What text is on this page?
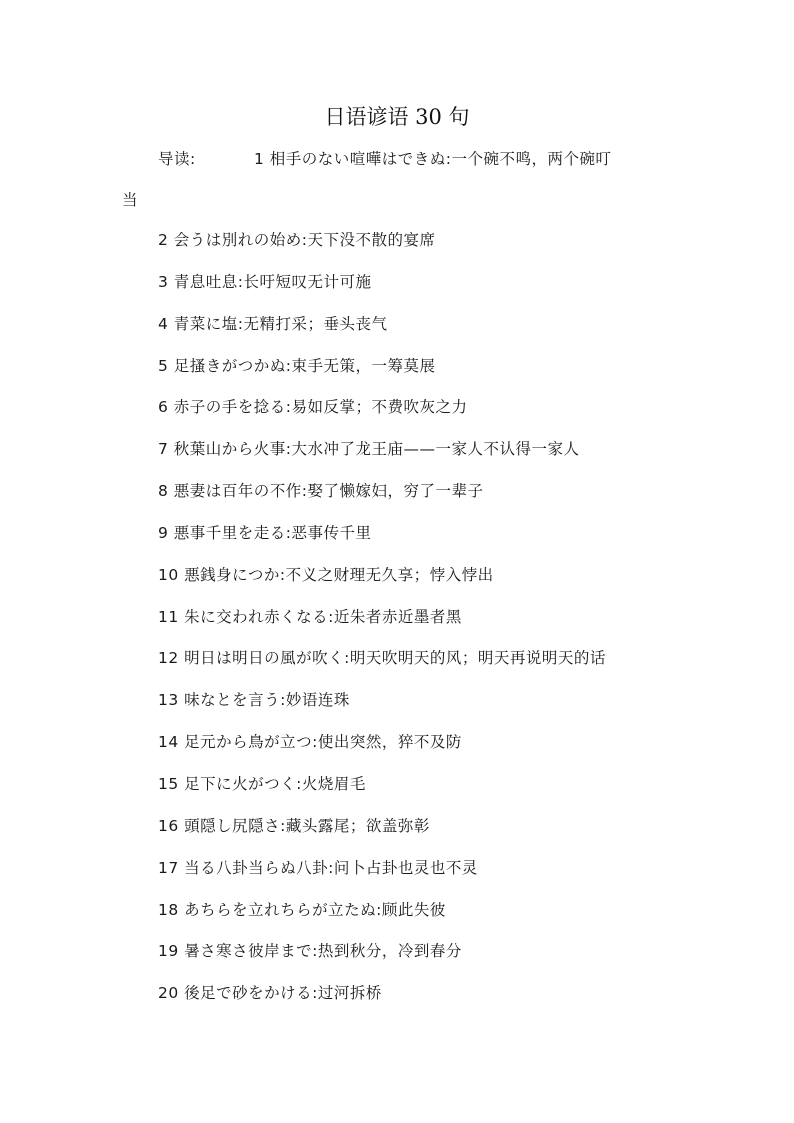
日语谚语 30 句
导读:	1 相手のない喧嘩はできぬ:一个碗不鸣，两个碗叮
当
2 会うは別れの始め:天下没不散的宴席
3 青息吐息:长吁短叹无计可施
4 青菜に塩:无精打采；垂头丧气
5 足搔きがつかぬ:束手无策，一筹莫展
6 赤子の手を捻る:易如反掌；不费吹灰之力
7 秋葉山から火事:大水冲了龙王庙——一家人不认得一家人
8 悪妻は百年の不作:娶了懒嫁妇，穷了一辈子
9 悪事千里を走る:恶事传千里
10 悪銭身につか:不义之财理无久享；悖入悖出
11 朱に交われ赤くなる:近朱者赤近墨者黑
12 明日は明日の風が吹く:明天吹明天的风；明天再说明天的话
13 味なとを言う:妙语连珠
14 足元から鳥が立つ:使出突然，猝不及防
15 足下に火がつく:火烧眉毛
16 頭隠し尻隠さ:藏头露尾；欲盖弥彰
17 当る八卦当らぬ八卦:问卜占卦也灵也不灵
18 あちらを立れちらが立たぬ:顾此失彼
19 暑さ寒さ彼岸まで:热到秋分，冷到春分
20 後足で砂をかける:过河拆桥
